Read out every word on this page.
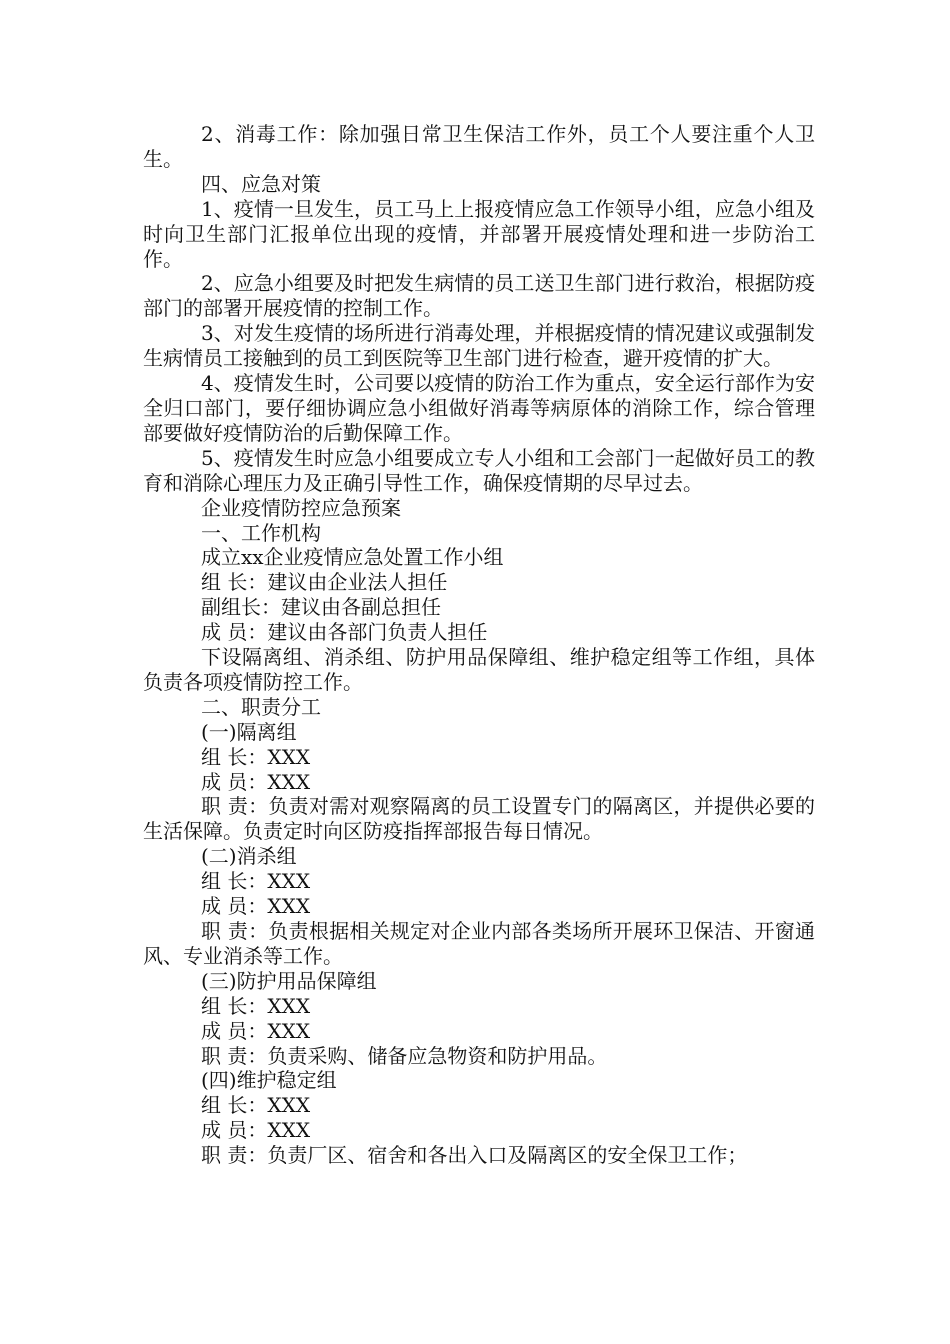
2、消毒工作：除加强日常卫生保洁工作外，员工个人要注重个人卫生。

四、应急对策

1、疫情一旦发生，员工马上上报疫情应急工作领导小组，应急小组及时向卫生部门汇报单位出现的疫情，并部署开展疫情处理和进一步防治工作。

2、应急小组要及时把发生病情的员工送卫生部门进行救治，根据防疫部门的部署开展疫情的控制工作。

3、对发生疫情的场所进行消毒处理，并根据疫情的情况建议或强制发生病情员工接触到的员工到医院等卫生部门进行检查，避开疫情的扩大。

4、疫情发生时，公司要以疫情的防治工作为重点，安全运行部作为安全归口部门，要仔细协调应急小组做好消毒等病原体的消除工作，综合管理部要做好疫情防治的后勤保障工作。

5、疫情发生时应急小组要成立专人小组和工会部门一起做好员工的教育和消除心理压力及正确引导性工作，确保疫情期的尽早过去。

企业疫情防控应急预案

一、工作机构

成立xx企业疫情应急处置工作小组

组 长：建议由企业法人担任

副组长：建议由各副总担任

成 员：建议由各部门负责人担任

下设隔离组、消杀组、防护用品保障组、维护稳定组等工作组，具体负责各项疫情防控工作。

二、职责分工

(一)隔离组

组 长：XXX

成 员：XXX

职 责：负责对需对观察隔离的员工设置专门的隔离区，并提供必要的生活保障。负责定时向区防疫指挥部报告每日情况。

(二)消杀组

组 长：XXX

成 员：XXX

职 责：负责根据相关规定对企业内部各类场所开展环卫保洁、开窗通风、专业消杀等工作。

(三)防护用品保障组

组 长：XXX

成 员：XXX

职 责：负责采购、储备应急物资和防护用品。

(四)维护稳定组

组 长：XXX

成 员：XXX

职 责：负责厂区、宿舍和各出入口及隔离区的安全保卫工作；
